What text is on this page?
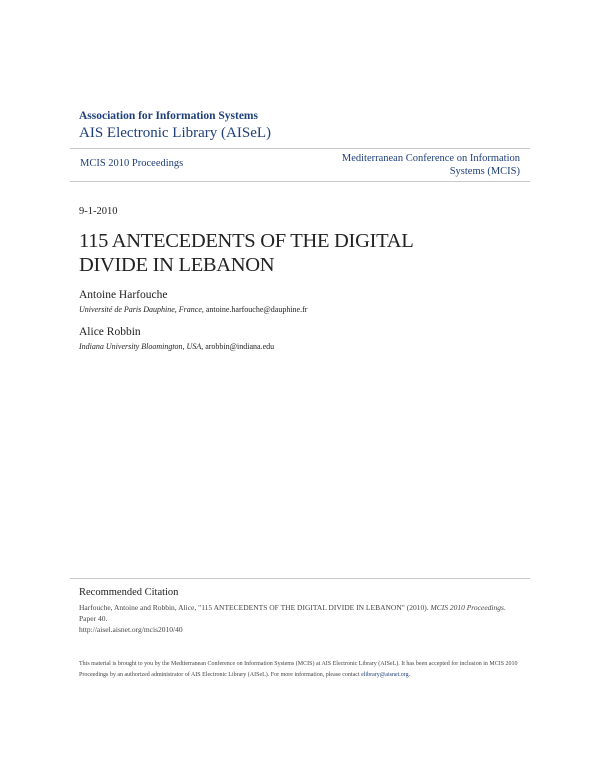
Association for Information Systems
AIS Electronic Library (AISeL)
MCIS 2010 Proceedings	Mediterranean Conference on Information
Systems (MCIS)
9-1-2010
115 ANTECEDENTS OF THE DIGITAL
DIVIDE IN LEBANON
Antoine Harfouche
Université de Paris Dauphine, France, antoine.harfouche@dauphine.fr
Alice Robbin
Indiana University Bloomington, USA, arobbin@indiana.edu
Recommended Citation
Harfouche, Antoine and Robbin, Alice, "115 ANTECEDENTS OF THE DIGITAL DIVIDE IN LEBANON" (2010). MCIS 2010 Proceedings. Paper 40.
http://aisel.aisnet.org/mcis2010/40
This material is brought to you by the Mediterranean Conference on Information Systems (MCIS) at AIS Electronic Library (AISeL). It has been accepted for inclusion in MCIS 2010 Proceedings by an authorized administrator of AIS Electronic Library (AISeL). For more information, please contact elibrary@aisnet.org.
